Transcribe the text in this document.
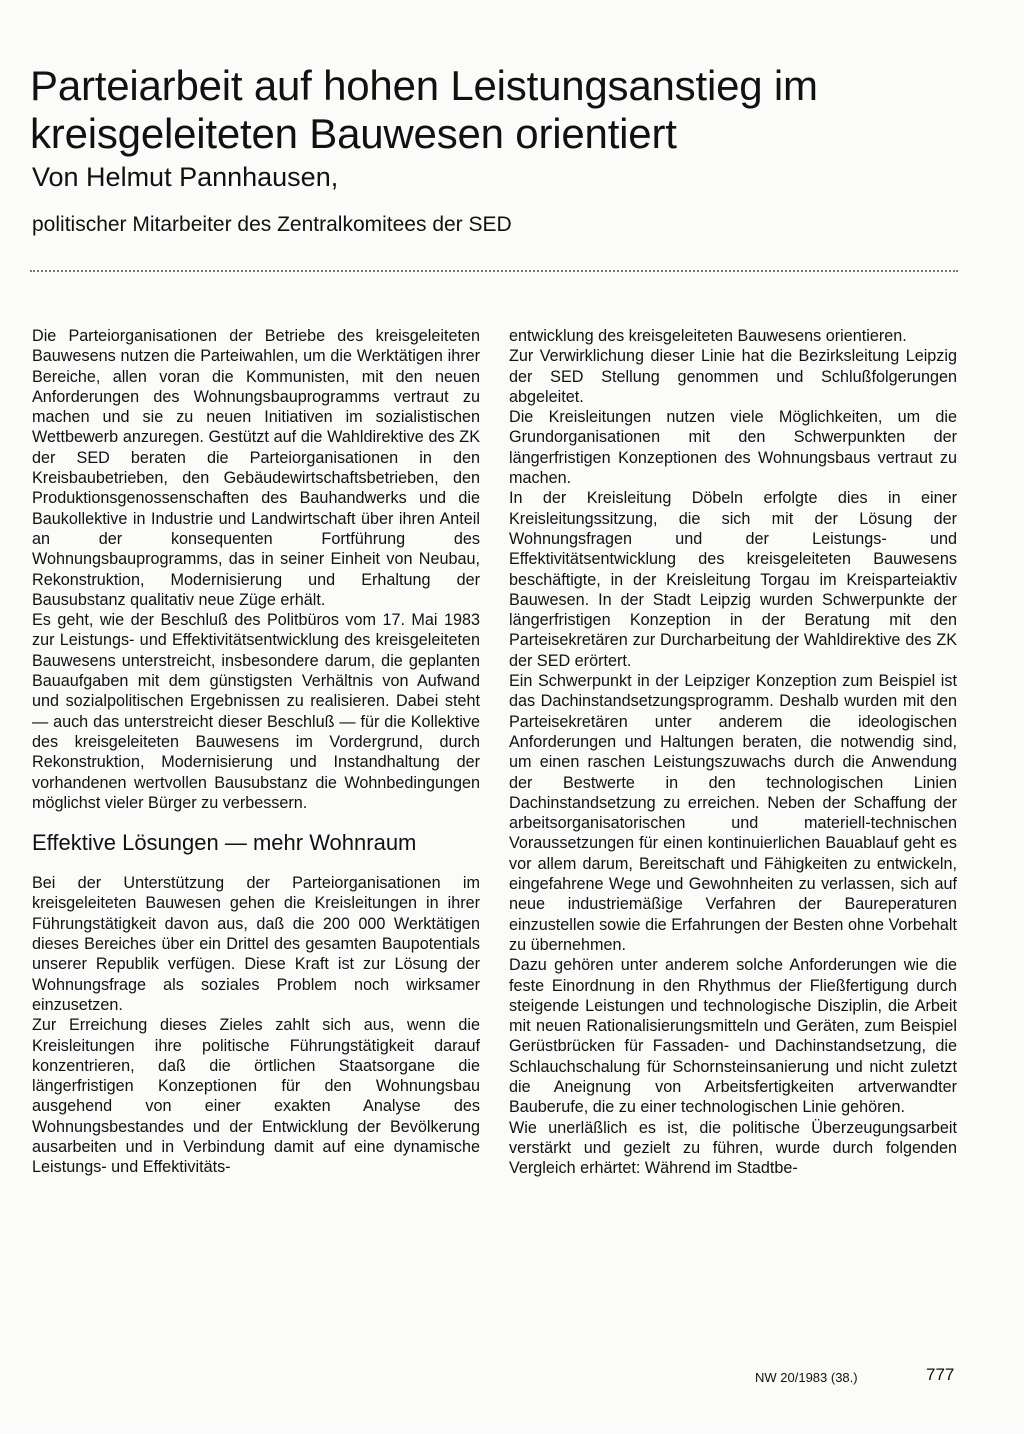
Parteiarbeit auf hohen Leistungsanstieg im kreisgeleiteten Bauwesen orientiert

Von Helmut Pannhausen,

politischer Mitarbeiter des Zentralkomitees der SED

Die Parteiorganisationen der Betriebe des kreisgeleiteten Bauwesens nutzen die Parteiwahlen, um die Werktätigen ihrer Bereiche, allen voran die Kommunisten, mit den neuen Anforderungen des Wohnungsbauprogramms vertraut zu machen und sie zu neuen Initiativen im sozialistischen Wettbewerb anzuregen. Gestützt auf die Wahldirektive des ZK der SED beraten die Parteiorganisationen in den Kreisbaubetrieben, den Gebäudewirtschaftsbetrieben, den Produktionsgenossenschaften des Bauhandwerks und die Baukollektive in Industrie und Landwirtschaft über ihren Anteil an der konsequenten Fortführung des Wohnungsbauprogramms, das in seiner Einheit von Neubau, Rekonstruktion, Modernisierung und Erhaltung der Bausubstanz qualitativ neue Züge erhält.

Es geht, wie der Beschluß des Politbüros vom 17. Mai 1983 zur Leistungs- und Effektivitätsentwicklung des kreisgeleiteten Bauwesens unterstreicht, insbesondere darum, die geplanten Bauaufgaben mit dem günstigsten Verhältnis von Aufwand und sozialpolitischen Ergebnissen zu realisieren. Dabei steht — auch das unterstreicht dieser Beschluß — für die Kollektive des kreisgeleiteten Bauwesens im Vordergrund, durch Rekonstruktion, Modernisierung und Instandhaltung der vorhandenen wertvollen Bausubstanz die Wohnbedingungen möglichst vieler Bürger zu verbessern.

Effektive Lösungen — mehr Wohnraum

Bei der Unterstützung der Parteiorganisationen im kreisgeleiteten Bauwesen gehen die Kreisleitungen in ihrer Führungstätigkeit davon aus, daß die 200 000 Werktätigen dieses Bereiches über ein Drittel des gesamten Baupotentials unserer Republik verfügen. Diese Kraft ist zur Lösung der Wohnungsfrage als soziales Problem noch wirksamer einzusetzen.

Zur Erreichung dieses Zieles zahlt sich aus, wenn die Kreisleitungen ihre politische Führungstätigkeit darauf konzentrieren, daß die örtlichen Staatsorgane die längerfristigen Konzeptionen für den Wohnungsbau ausgehend von einer exakten Analyse des Wohnungsbestandes und der Entwicklung der Bevölkerung ausarbeiten und in Verbindung damit auf eine dynamische Leistungs- und Effektivitäts-

entwicklung des kreisgeleiteten Bauwesens orientieren.

Zur Verwirklichung dieser Linie hat die Bezirksleitung Leipzig der SED Stellung genommen und Schlußfolgerungen abgeleitet.

Die Kreisleitungen nutzen viele Möglichkeiten, um die Grundorganisationen mit den Schwerpunkten der längerfristigen Konzeptionen des Wohnungsbaus vertraut zu machen.

In der Kreisleitung Döbeln erfolgte dies in einer Kreisleitungssitzung, die sich mit der Lösung der Wohnungsfragen und der Leistungs- und Effektivitätsentwicklung des kreisgeleiteten Bauwesens beschäftigte, in der Kreisleitung Torgau im Kreisparteiaktiv Bauwesen. In der Stadt Leipzig wurden Schwerpunkte der längerfristigen Konzeption in der Beratung mit den Parteisekretären zur Durcharbeitung der Wahldirektive des ZK der SED erörtert.

Ein Schwerpunkt in der Leipziger Konzeption zum Beispiel ist das Dachinstandsetzungsprogramm. Deshalb wurden mit den Parteisekretären unter anderem die ideologischen Anforderungen und Haltungen beraten, die notwendig sind, um einen raschen Leistungszuwachs durch die Anwendung der Bestwerte in den technologischen Linien Dachinstandsetzung zu erreichen. Neben der Schaffung der arbeitsorganisatorischen und materiell-technischen Voraussetzungen für einen kontinuierlichen Bauablauf geht es vor allem darum, Bereitschaft und Fähigkeiten zu entwickeln, eingefahrene Wege und Gewohnheiten zu verlassen, sich auf neue industriemäßige Verfahren der Baureperaturen einzustellen sowie die Erfahrungen der Besten ohne Vorbehalt zu übernehmen.

Dazu gehören unter anderem solche Anforderungen wie die feste Einordnung in den Rhythmus der Fließfertigung durch steigende Leistungen und technologische Disziplin, die Arbeit mit neuen Rationalisierungsmitteln und Geräten, zum Beispiel Gerüstbrücken für Fassaden- und Dachinstandsetzung, die Schlauchschalung für Schornsteinsanierung und nicht zuletzt die Aneignung von Arbeitsfertigkeiten artverwandter Bauberufe, die zu einer technologischen Linie gehören.

Wie unerläßlich es ist, die politische Überzeugungsarbeit verstärkt und gezielt zu führen, wurde durch folgenden Vergleich erhärtet: Während im Stadtbe-

NW 20/1983 (38.)	777
